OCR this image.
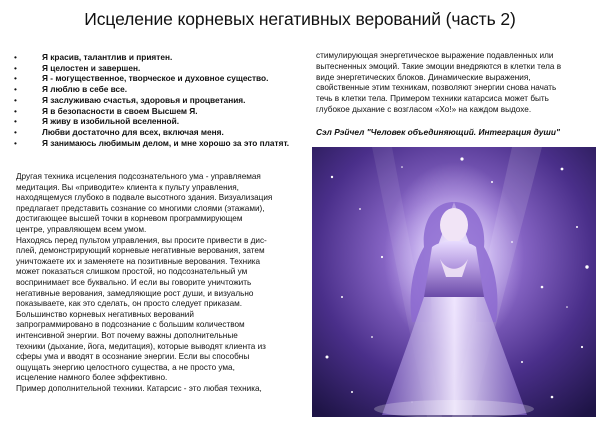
Исцеление корневых негативных верований (часть 2)
•	Я красив, талантлив и приятен.
•	Я целостен и завершен.
•	Я - могущественное, творческое и духовное существо.
•	Я люблю в себе все.
•	Я заслуживаю счастья, здоровья и процветания.
•	Я в безопасности в своем Высшем Я.
•	Я живу в изобильной вселенной.
•	Любви достаточно для всех, включая меня.
•	Я занимаюсь любимым делом, и мне хорошо за это платят.

Другая техника исцеления подсознательного ума - управляемая

медитация. Вы «приводите» клиента к пульту управления,

находящемуся глубоко в подвале высотного здания. Визуализация

предлагает представить сознание со многими слоями (этажами),

достигающее высшей точки в корневом программирующем

центре, управляющем всем умом.

Находясь перед пультом управления, вы просите привести в дис-

плей, демонстрирующий корневые негативные верования, затем

уничтожаете их и заменяете на позитивные верования. Техника

может показаться слишком простой, но подсознательный ум

воспринимает все буквально. И если вы говорите уничтожить

негативные верования, замедляющие рост души, и визуально

показываете, как это сделать, он просто следует приказам.

Большинство корневых негативных верований

запрограммировано в подсознание с большим количеством

интенсивной энергии. Вот почему важны дополнительные

техники (дыхание, йога, медитация), которые выводят клиента из

сферы ума и вводят в осознание энергии. Если вы способны

ощущать энергию целостного существа, а не просто ума,

исцеление намного более эффективно.

Пример дополнительной техники. Катарсис - это любая техника,

стимулирующая энергетическое выражение подавленных или

вытесненных эмоций. Такие эмоции внедряются в клетки тела в

виде энергетических блоков. Динамические выражения,

свойственные этим техникам, позволяют энергии снова начать

течь в клетки тела. Примером техники катарсиса может быть

глубокое дыхание с возгласом «Хо!» на каждом выдохе.

Сэл Рэйчел "Человек объединяющий. Интеграция души"
